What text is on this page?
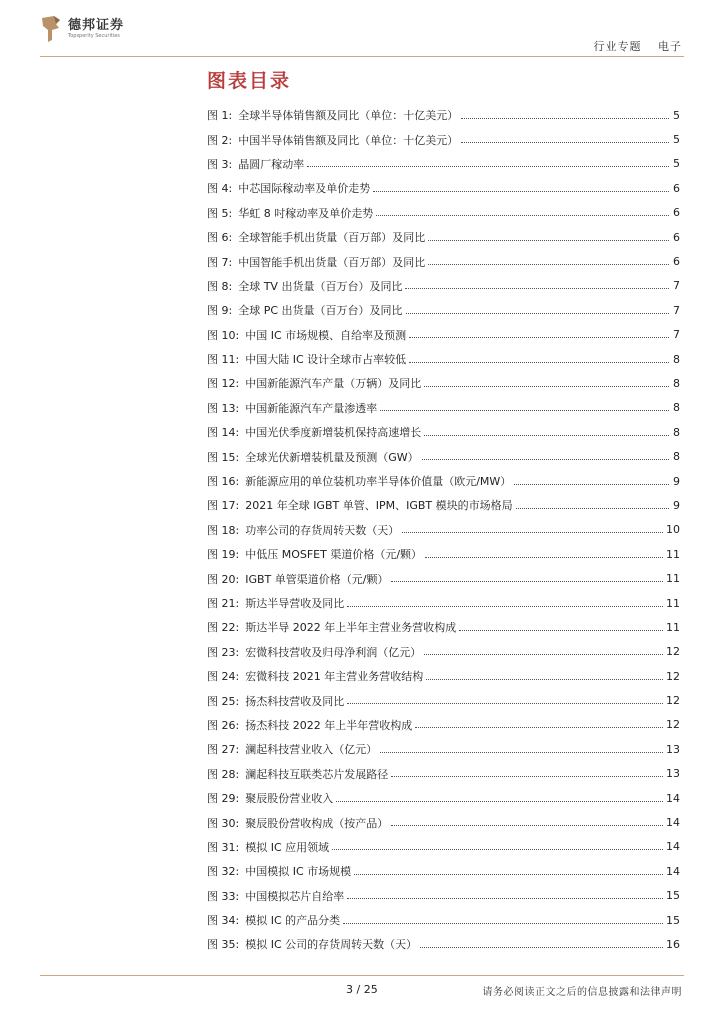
德邦证券
Topsperity Securities
行业专题 电子
图表目录
图 1: 全球半导体销售额及同比（单位：十亿美元）	5
图 2: 中国半导体销售额及同比（单位：十亿美元）	5
图 3: 晶圆厂稼动率	5
图 4: 中芯国际稼动率及单价走势	6
图 5: 华虹 8 吋稼动率及单价走势	6
图 6: 全球智能手机出货量（百万部）及同比	6
图 7: 中国智能手机出货量（百万部）及同比	6
图 8: 全球 TV 出货量（百万台）及同比	7
图 9: 全球 PC 出货量（百万台）及同比	7
图 10: 中国 IC 市场规模、自给率及预测	7
图 11: 中国大陆 IC 设计全球市占率较低	8
图 12: 中国新能源汽车产量（万辆）及同比	8
图 13: 中国新能源汽车产量渗透率	8
图 14: 中国光伏季度新增装机保持高速增长	8
图 15: 全球光伏新增装机量及预测（GW）	8
图 16: 新能源应用的单位装机功率半导体价值量（欧元/MW）	9
图 17: 2021 年全球 IGBT 单管、IPM、IGBT 模块的市场格局	9
图 18: 功率公司的存货周转天数（天）	10
图 19: 中低压 MOSFET 渠道价格（元/颗）	11
图 20: IGBT 单管渠道价格（元/颗）	11
图 21: 斯达半导营收及同比	11
图 22: 斯达半导 2022 年上半年主营业务营收构成	11
图 23: 宏微科技营收及归母净利润（亿元）	12
图 24: 宏微科技 2021 年主营业务营收结构	12
图 25: 扬杰科技营收及同比	12
图 26: 扬杰科技 2022 年上半年营收构成	12
图 27: 澜起科技营业收入（亿元）	13
图 28: 澜起科技互联类芯片发展路径	13
图 29: 聚辰股份营业收入	14
图 30: 聚辰股份营收构成（按产品）	14
图 31: 模拟 IC 应用领域	14
图 32: 中国模拟 IC 市场规模	14
图 33: 中国模拟芯片自给率	15
图 34: 模拟 IC 的产品分类	15
图 35: 模拟 IC 公司的存货周转天数（天）	16
3 / 25	请务必阅读正文之后的信息披露和法律声明
